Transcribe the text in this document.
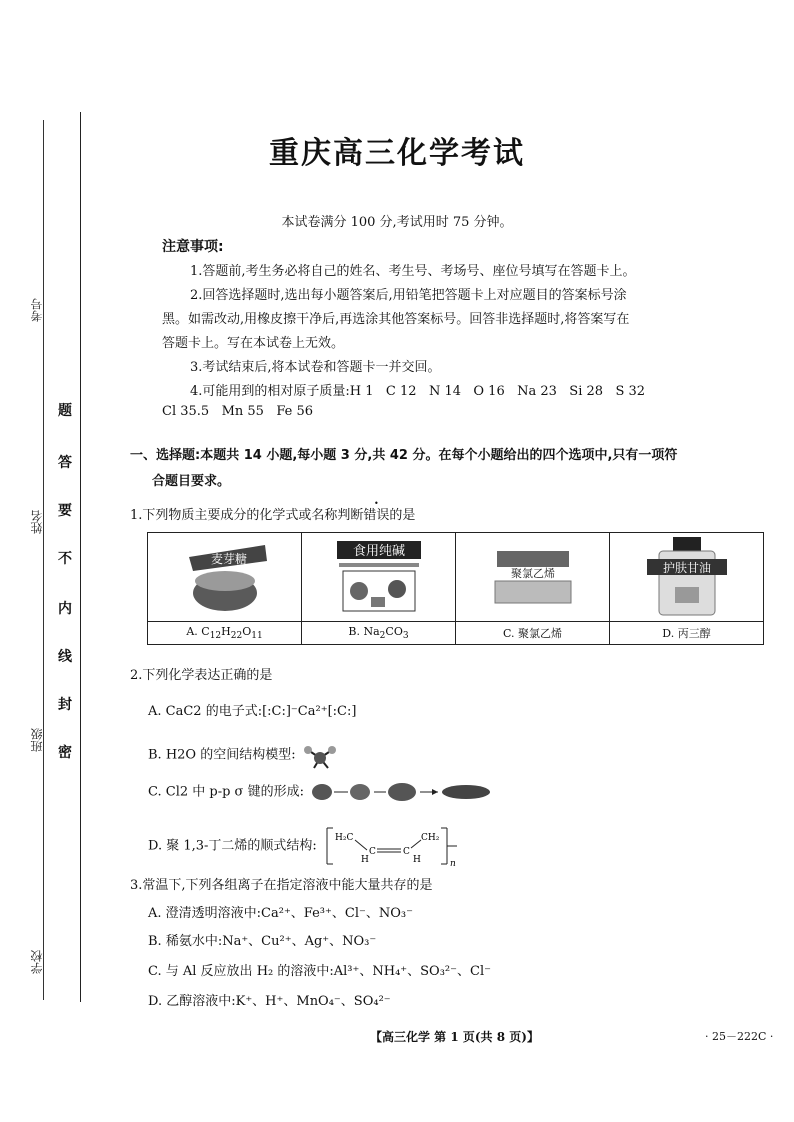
题
答
要
不
内
线
封
密
学校
班级
姓名
考号
重庆高三化学考试
本试卷满分 100 分,考试用时 75 分钟。
注意事项:
1.答题前,考生务必将自己的姓名、考生号、考场号、座位号填写在答题卡上。
2.回答选择题时,选出每小题答案后,用铅笔把答题卡上对应题目的答案标号涂
黑。如需改动,用橡皮擦干净后,再选涂其他答案标号。回答非选择题时,将答案写在
答题卡上。写在本试卷上无效。
3.考试结束后,将本试卷和答题卡一并交回。
4.可能用到的相对原子质量:H 1   C 12   N 14   O 16   Na 23   Si 28   S 32
Cl 35.5   Mn 55   Fe 56
一、选择题:本题共 14 小题,每小题 3 分,共 42 分。在每个小题给出的四个选项中,只有一项符
合题目要求。
1.下列物质主要成分的化学式或名称判断错误的是
麦芽糖	食用纯碱	聚氯乙烯	护肤甘油

A. $C_{12}H_{22}O_{11}$	B. $Na_2CO_3$	C. 聚氯乙烯	D. 丙三醇
2.下列化学表达正确的是
A. CaC2 的电子式:[:C:]⁻Ca²⁺[:C:]
B. H2O 的空间结构模型:
C. Cl2 中 p-p σ 键的形成:
D. 聚 1,3-丁二烯的顺式结构:
H₂C
H
C	C
H
CH₂
n
3.常温下,下列各组离子在指定溶液中能大量共存的是
A. 澄清透明溶液中:Ca²⁺、Fe³⁺、Cl⁻、NO₃⁻
B. 稀氨水中:Na⁺、Cu²⁺、Ag⁺、NO₃⁻
C. 与 Al 反应放出 H₂ 的溶液中:Al³⁺、NH₄⁺、SO₃²⁻、Cl⁻
D. 乙醇溶液中:K⁺、H⁺、MnO₄⁻、SO₄²⁻
【高三化学 第 1 页(共 8 页)】	· 25－222C ·
